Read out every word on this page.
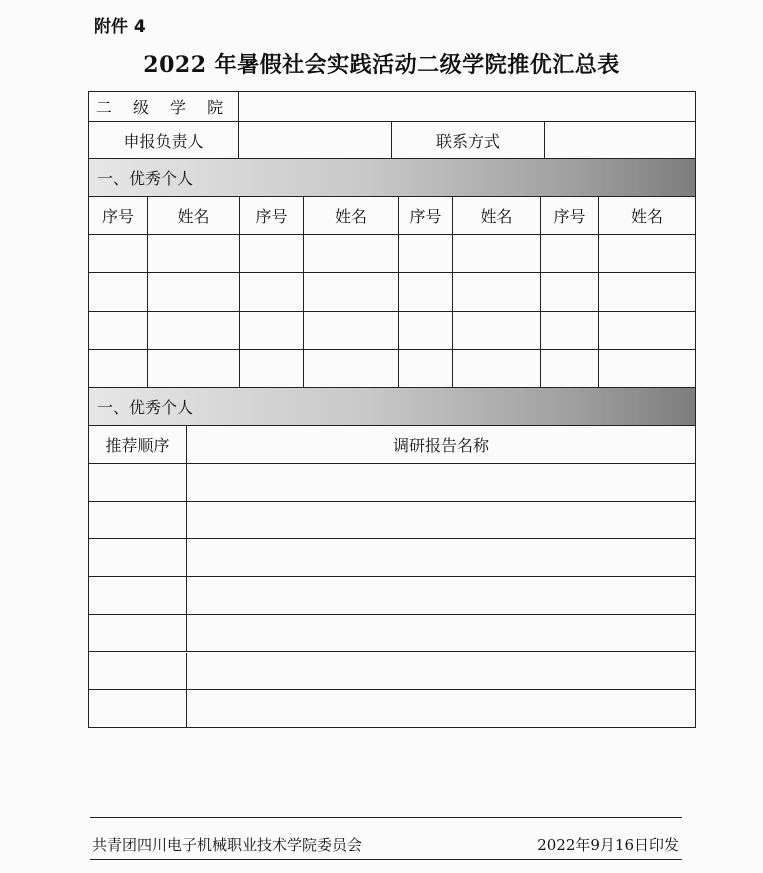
附件 4
2022 年暑假社会实践活动二级学院推优汇总表
二 级 学 院
申报负责人	联系方式
一、优秀个人
序号	姓名	序号	姓名	序号	姓名	序号	姓名
一、优秀个人
推荐顺序	调研报告名称
共青团四川电子机械职业技术学院委员会	2022年9月16日印发
